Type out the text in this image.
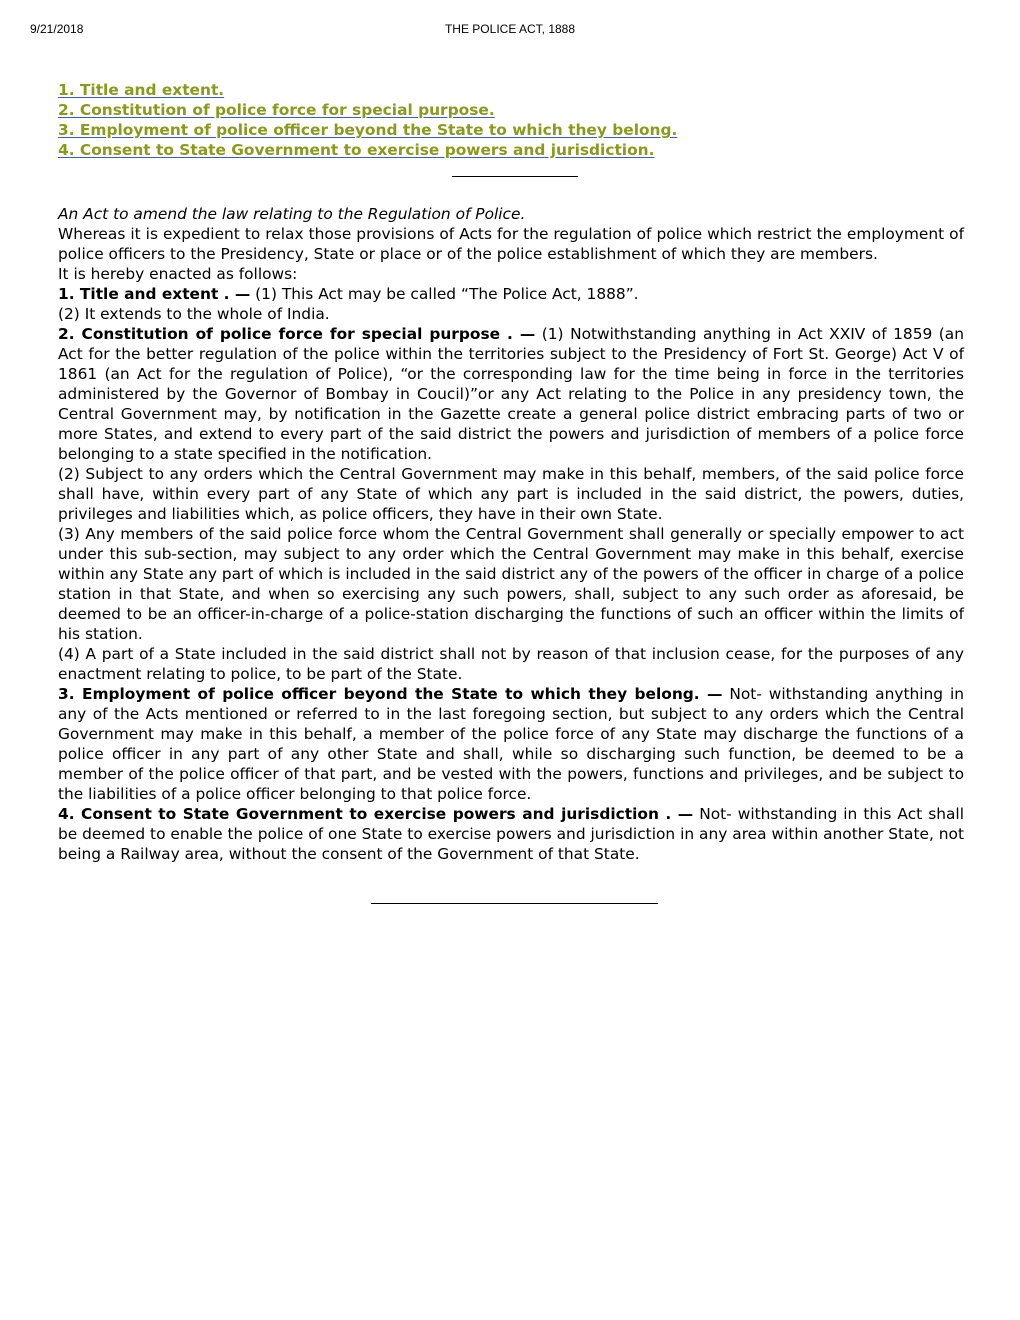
9/21/2018	THE POLICE ACT, 1888
1. Title and extent.
2. Constitution of police force for special purpose.
3. Employment of police officer beyond the State to which they belong.
4. Consent to State Government to exercise powers and jurisdiction.

An Act to amend the law relating to the Regulation of Police.

Whereas it is expedient to relax those provisions of Acts for the regulation of police which restrict the employment of police officers to the Presidency, State or place or of the police establishment of which they are members.

It is hereby enacted as follows:

1. Title and extent . — (1) This Act may be called “The Police Act, 1888”.

(2) It extends to the whole of India.

2. Constitution of police force for special purpose . — (1) Notwithstanding anything in Act XXIV of 1859 (an Act for the better regulation of the police within the territories subject to the Presidency of Fort St. George) Act V of 1861 (an Act for the regulation of Police), “or the corresponding law for the time being in force in the territories administered by the Governor of Bombay in Coucil)”or any Act relating to the Police in any presidency town, the Central Government may, by notification in the Gazette create a general police district embracing parts of two or more States, and extend to every part of the said district the powers and jurisdiction of members of a police force belonging to a state specified in the notification.

(2) Subject to any orders which the Central Government may make in this behalf, members, of the said police force shall have, within every part of any State of which any part is included in the said district, the powers, duties, privileges and liabilities which, as police officers, they have in their own State.

(3) Any members of the said police force whom the Central Government shall generally or specially empower to act under this sub-section, may subject to any order which the Central Government may make in this behalf, exercise within any State any part of which is included in the said district any of the powers of the officer in charge of a police station in that State, and when so exercising any such powers, shall, subject to any such order as aforesaid, be deemed to be an officer-in-charge of a police-station discharging the functions of such an officer within the limits of his station.

(4) A part of a State included in the said district shall not by reason of that inclusion cease, for the purposes of any enactment relating to police, to be part of the State.

3. Employment of police officer beyond the State to which they belong. — Not- withstanding anything in any of the Acts mentioned or referred to in the last foregoing section, but subject to any orders which the Central Government may make in this behalf, a member of the police force of any State may discharge the functions of a police officer in any part of any other State and shall, while so discharging such function, be deemed to be a member of the police officer of that part, and be vested with the powers, functions and privileges, and be subject to the liabilities of a police officer belonging to that police force.

4. Consent to State Government to exercise powers and jurisdiction . — Not- withstanding in this Act shall be deemed to enable the police of one State to exercise powers and jurisdiction in any area within another State, not being a Railway area, without the consent of the Government of that State.
